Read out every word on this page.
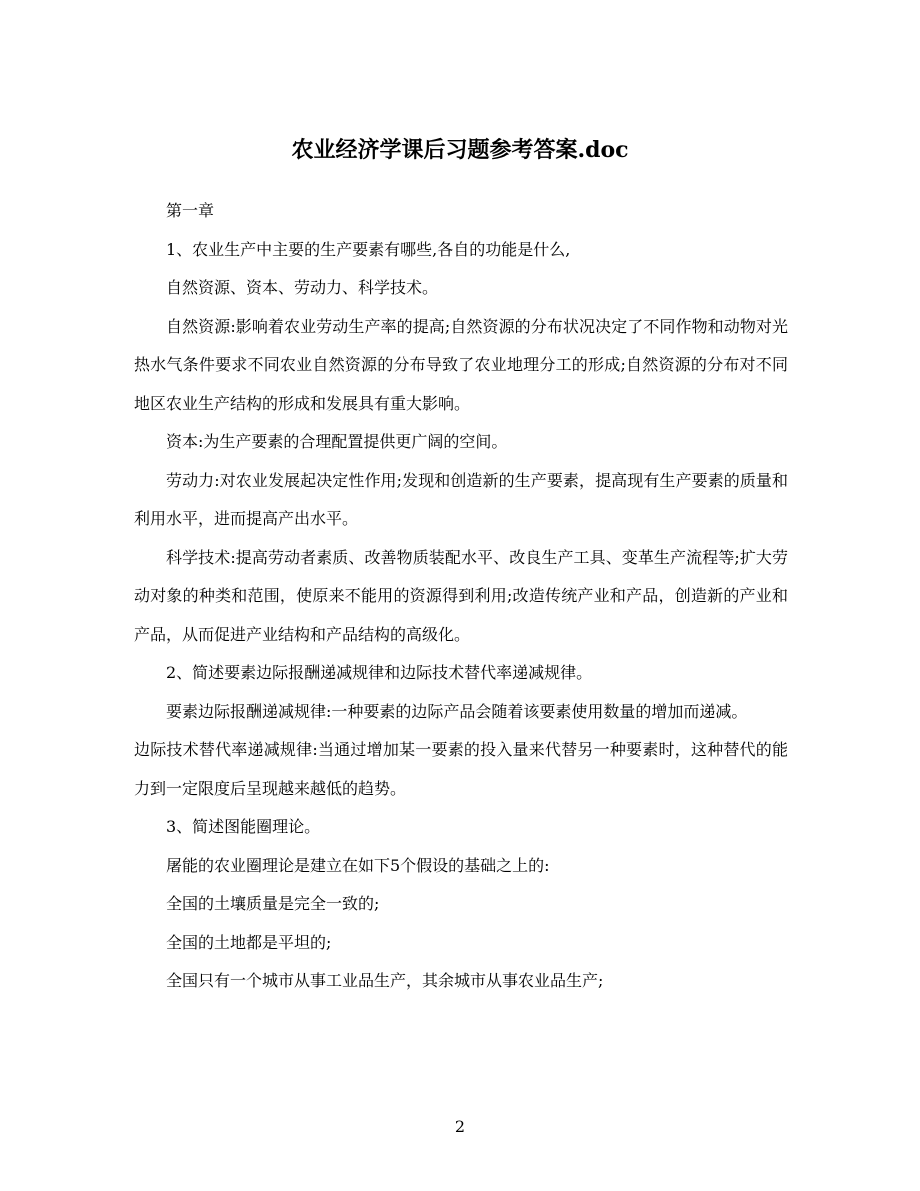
农业经济学课后习题参考答案.doc

第一章

1、农业生产中主要的生产要素有哪些,各自的功能是什么,

自然资源、资本、劳动力、科学技术。

自然资源:影响着农业劳动生产率的提高;自然资源的分布状况决定了不同作物和动物对光热水气条件要求不同农业自然资源的分布导致了农业地理分工的形成;自然资源的分布对不同地区农业生产结构的形成和发展具有重大影响。

资本:为生产要素的合理配置提供更广阔的空间。

劳动力:对农业发展起决定性作用;发现和创造新的生产要素，提高现有生产要素的质量和利用水平，进而提高产出水平。

科学技术:提高劳动者素质、改善物质装配水平、改良生产工具、变革生产流程等;扩大劳动对象的种类和范围，使原来不能用的资源得到利用;改造传统产业和产品，创造新的产业和产品，从而促进产业结构和产品结构的高级化。

2、简述要素边际报酬递减规律和边际技术替代率递减规律。

要素边际报酬递减规律:一种要素的边际产品会随着该要素使用数量的增加而递减。

边际技术替代率递减规律:当通过增加某一要素的投入量来代替另一种要素时，这种替代的能力到一定限度后呈现越来越低的趋势。

3、简述图能圈理论。

屠能的农业圈理论是建立在如下5个假设的基础之上的:

全国的土壤质量是完全一致的;

全国的土地都是平坦的;

全国只有一个城市从事工业品生产，其余城市从事农业品生产;

2
